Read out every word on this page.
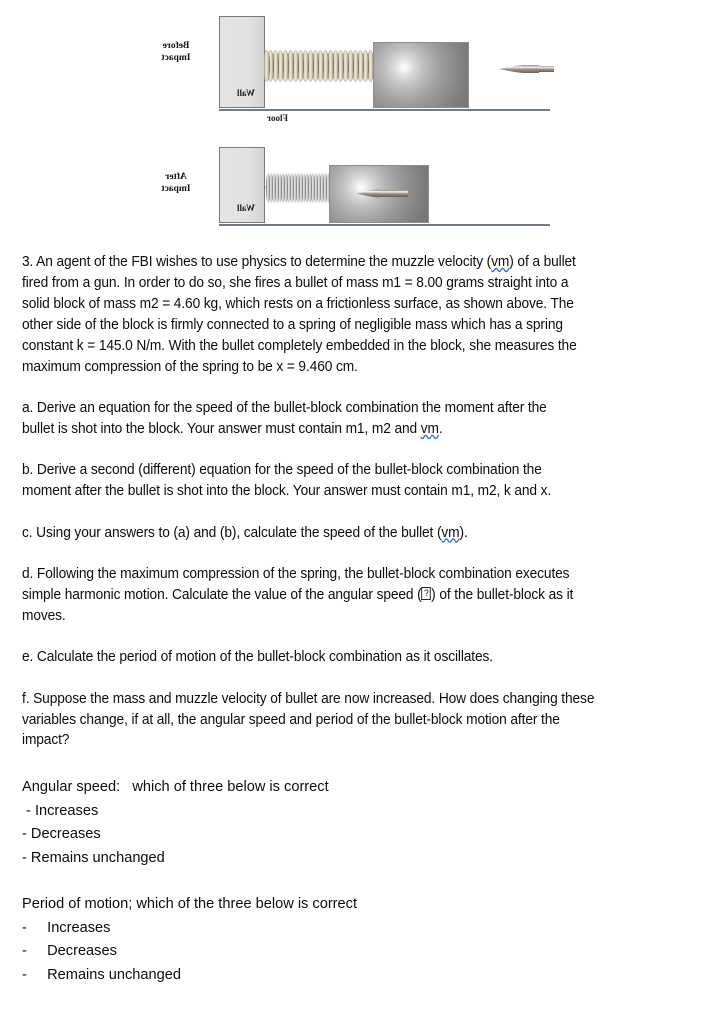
Before
Impact
Wall
Floor
After
Impact
Wall

3. An agent of the FBI wishes to use physics to determine the muzzle velocity (vm) of a bullet
fired from a gun. In order to do so, she fires a bullet of mass m1 = 8.00 grams straight into a
solid block of mass m2 = 4.60 kg, which rests on a frictionless surface, as shown above. The
other side of the block is firmly connected to a spring of negligible mass which has a spring
constant k = 145.0 N/m. With the bullet completely embedded in the block, she measures the
maximum compression of the spring to be x = 9.460 cm.

a. Derive an equation for the speed of the bullet-block combination the moment after the
bullet is shot into the block. Your answer must contain m1, m2 and vm.

b. Derive a second (different) equation for the speed of the bullet-block combination the
moment after the bullet is shot into the block. Your answer must contain m1, m2, k and x.

c. Using your answers to (a) and (b), calculate the speed of the bullet (vm).

d. Following the maximum compression of the spring, the bullet-block combination executes
simple harmonic motion. Calculate the value of the angular speed ( ? ) of the bullet-block as it
moves.

e. Calculate the period of motion of the bullet-block combination as it oscillates.

f. Suppose the mass and muzzle velocity of bullet are now increased. How does changing these
variables change, if at all, the angular speed and period of the bullet-block motion after the
impact?

Angular speed:   which of three below is correct

- Increases

- Decreases

- Remains unchanged

Period of motion; which of the three below is correct

-     Increases

-     Decreases

-     Remains unchanged
